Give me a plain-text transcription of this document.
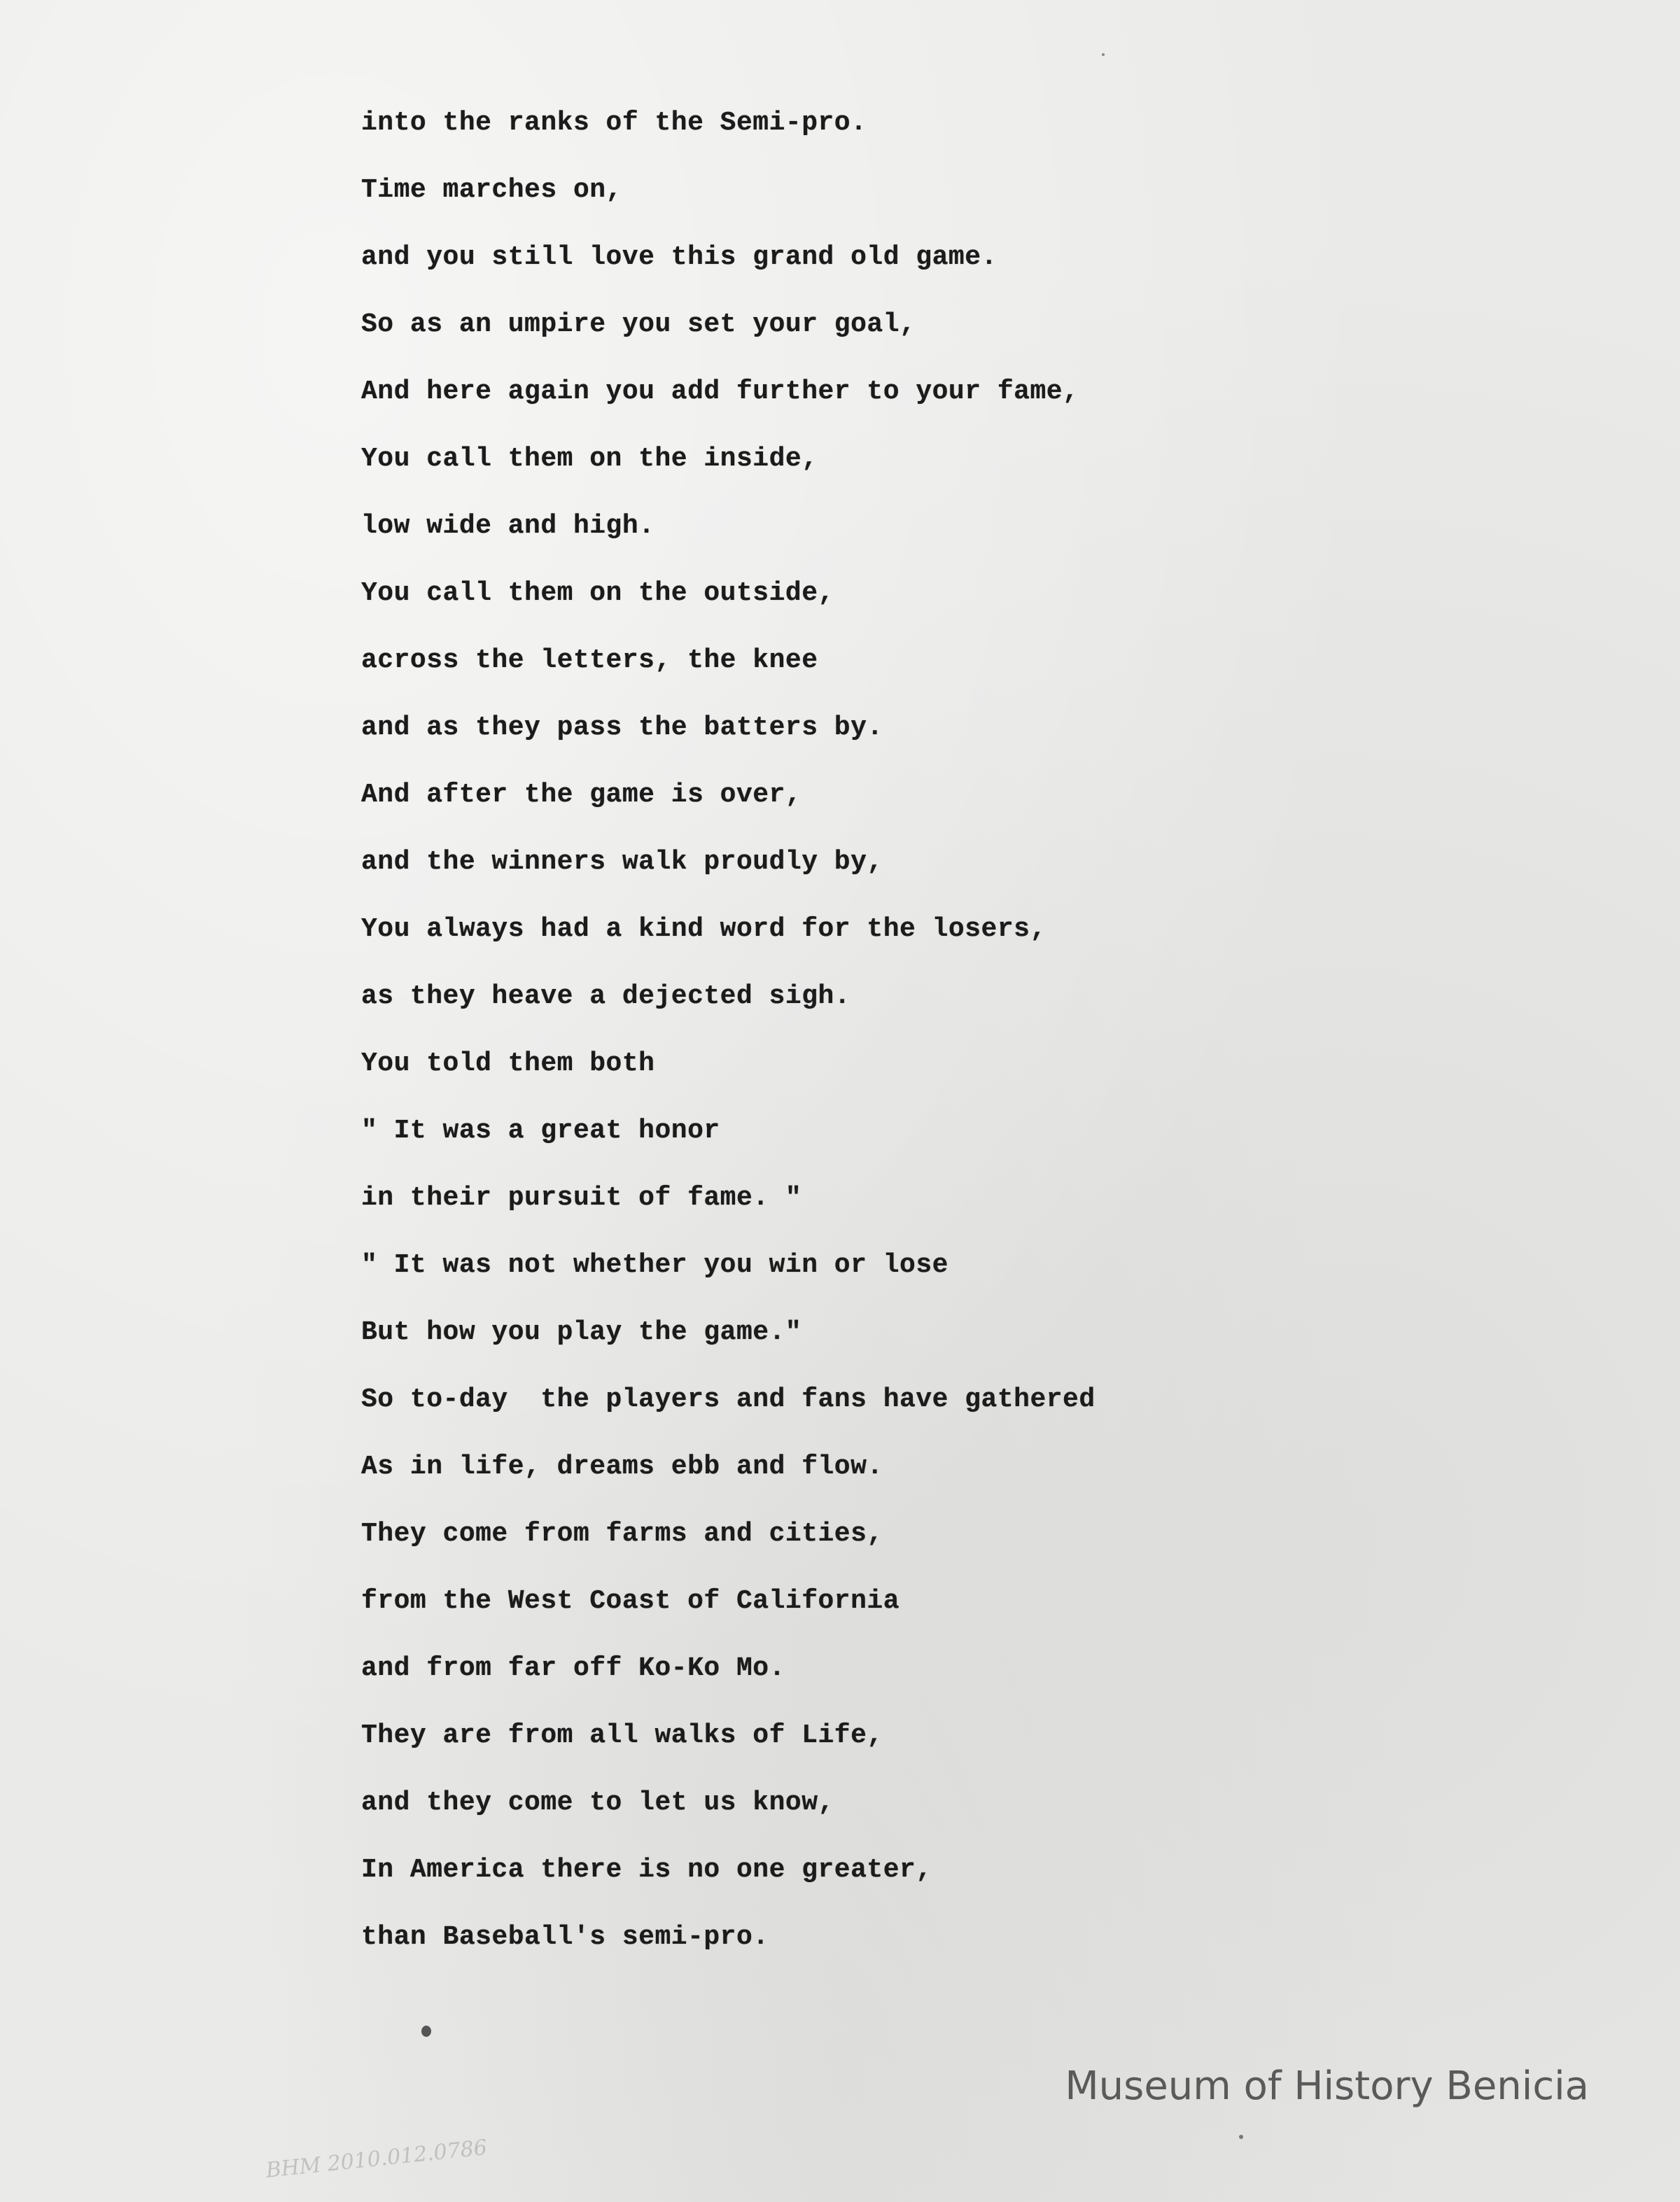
into the ranks of the Semi-pro.
Time marches on,
and you still love this grand old game.
So as an umpire you set your goal,
And here again you add further to your fame,
You call them on the inside,
low wide and high.
You call them on the outside,
across the letters, the knee
and as they pass the batters by.
And after the game is over,
and the winners walk proudly by,
You always had a kind word for the losers,
as they heave a dejected sigh.
You told them both
" It was a great honor
in their pursuit of fame. "
" It was not whether you win or lose
But how you play the game."
So to-day  the players and fans have gathered
As in life, dreams ebb and flow.
They come from farms and cities,
from the West Coast of California
and from far off Ko-Ko Mo.
They are from all walks of Life,
and they come to let us know,
In America there is no one greater,
than Baseball's semi-pro.
Museum of History Benicia
BHM 2010.012.0786
